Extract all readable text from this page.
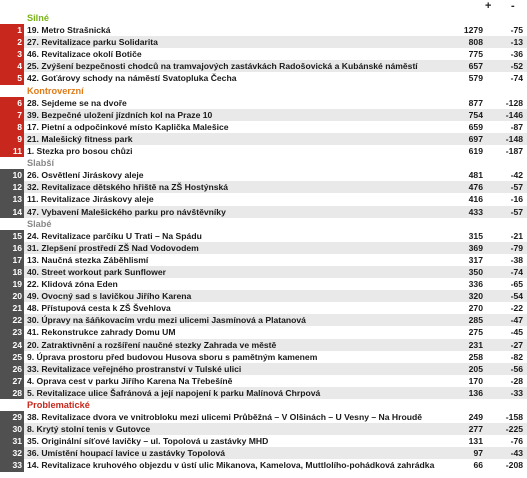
+ -
Silné
1 19. Metro Strašnická	1279	-75
2 27. Revitalizace parku Solidarita	808	-13
3 46. Revitalizace okolí Botiče	775	-36
4 25. Zvýšení bezpečnosti chodců na tramvajových zastávkách Radošovická a Kubánské náměstí	657	-52
5 42. Goťárovy schody na náměstí Svatopluka Čecha	579	-74
Kontroverzní
6 28. Sejdeme se na dvoře	877	-128
7 39. Bezpečné uložení jízdních kol na Praze 10	754	-146
8 17. Pietní a odpočinkové místo Kaplička Malešice	659	-87
9 21. Malešický fitness park	697	-148
11 1. Stezka pro bosou chůzi	619	-187
Slabší
10 26. Osvětlení Jiráskovy aleje	481	-42
12 32. Revitalizace dětského hřiště na ZŠ Hostýnská	476	-57
13 11. Revitalizace Jiráskovy aleje	416	-16
14 47. Vybavení Malešického parku pro návštěvníky	433	-57
Slabé
15 24. Revitalizace parčíku U Trati – Na Spádu	315	-21
16 31. Zlepšení prostředí ZŠ Nad Vodovodem	369	-79
17 13. Naučná stezka Záběhlismí	317	-38
18 40. Street workout park Sunflower	350	-74
19 22. Klidová zóna Eden	336	-65
20 49. Ovocný sad s lavičkou Jiřího Karena	320	-54
21 48. Přístupová cesta k ZŠ Švehlova	270	-22
22 30. Úpravy na šáňkovacím vrdu mezi ulicemi Jasmínová a Platanová	285	-47
23 41. Rekonstrukce zahrady Domu UM	275	-45
24 20. Zatraktivnění a rozšíření naučné stezky Zahrada ve městě	231	-27
25 9. Úprava prostoru před budovou Husova sboru s pamětným kamenem	258	-82
26 33. Revitalizace veřejného prostranství v Tulské ulici	205	-56
27 4. Oprava cest v parku Jiřího Karena Na Třebešíně	170	-28
28 5. Revitalizace ulice Šafránová a její napojení k parku Malínová Chrpová	136	-33
Problematické
29 38. Revitalizace dvora ve vnitrobloku mezi ulicemi Průběžná – V Olšinách – U Vesny – Na Hroudě	249	-158
30 8. Krytý stolní tenis v Gutovce	277	-225
31 35. Originální síťové lavičky – ul. Topolová u zastávky MHD	131	-76
32 36. Umístění houpací lavice u zastávky Topolová	97	-43
33 14. Revitalizace kruhového objezdu v ústí ulic Mikanova, Kamelova, Muttlolího-pohádková zahrádka	66	-208
